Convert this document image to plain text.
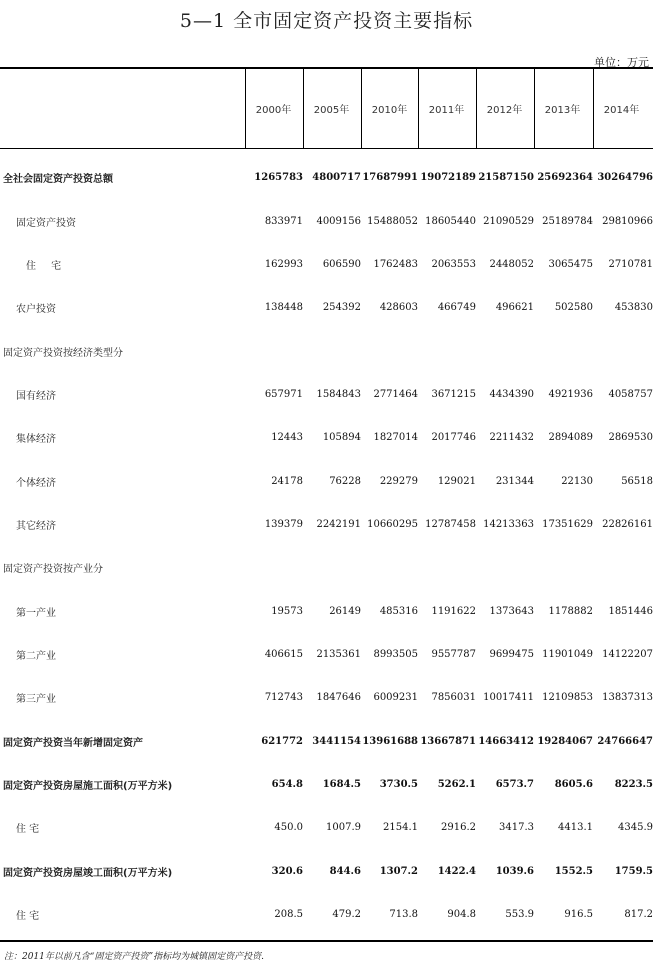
5—1 全市固定资产投资主要指标
单位：万元
2000年	2005年	2010年	2011年	2012年	2013年	2014年
全社会固定资产投资总额	1265783	4800717	17687991	19072189	21587150	25692364	30264796
固定资产投资	833971	4009156	15488052	18605440	21090529	25189784	29810966
住 宅	162993	606590	1762483	2063553	2448052	3065475	2710781
农户投资	138448	254392	428603	466749	496621	502580	453830
固定资产投资按经济类型分							
国有经济	657971	1584843	2771464	3671215	4434390	4921936	4058757
集体经济	12443	105894	1827014	2017746	2211432	2894089	2869530
个体经济	24178	76228	229279	129021	231344	22130	56518
其它经济	139379	2242191	10660295	12787458	14213363	17351629	22826161
固定资产投资按产业分							
第一产业	19573	26149	485316	1191622	1373643	1178882	1851446
第二产业	406615	2135361	8993505	9557787	9699475	11901049	14122207
第三产业	712743	1847646	6009231	7856031	10017411	12109853	13837313
固定资产投资当年新增固定资产	621772	3441154	13961688	13667871	14663412	19284067	24766647
固定资产投资房屋施工面积(万平方米)	654.8	1684.5	3730.5	5262.1	6573.7	8605.6	8223.5
住 宅	450.0	1007.9	2154.1	2916.2	3417.3	4413.1	4345.9
固定资产投资房屋竣工面积(万平方米)	320.6	844.6	1307.2	1422.4	1039.6	1552.5	1759.5
住 宅	208.5	479.2	713.8	904.8	553.9	916.5	817.2
注：2011年以前凡含“固定资产投资”指标均为城镇固定资产投资.
